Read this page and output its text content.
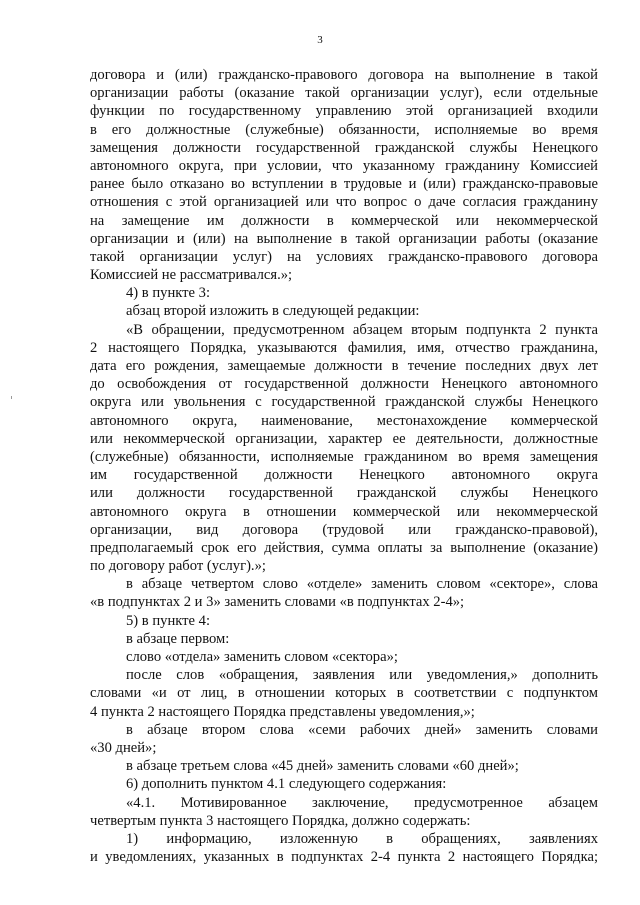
3
договора и (или) гражданско-правового договора на выполнение в такой
организации работы (оказание такой организации услуг), если отдельные
функции по государственному управлению этой организацией входили
в его должностные (служебные) обязанности, исполняемые во время
замещения должности государственной гражданской службы Ненецкого
автономного округа, при условии, что указанному гражданину Комиссией
ранее было отказано во вступлении в трудовые и (или) гражданско-правовые
отношения с этой организацией или что вопрос о даче согласия гражданину
на замещение им должности в коммерческой или некоммерческой
организации и (или) на выполнение в такой организации работы (оказание
такой организации услуг) на условиях гражданско-правового договора
Комиссией не рассматривался.»;
4) в пункте 3:
абзац второй изложить в следующей редакции:
«В обращении, предусмотренном абзацем вторым подпункта 2 пункта
2 настоящего Порядка, указываются фамилия, имя, отчество гражданина,
дата его рождения, замещаемые должности в течение последних двух лет
до освобождения от государственной должности Ненецкого автономного
округа или увольнения с государственной гражданской службы Ненецкого
автономного округа, наименование, местонахождение коммерческой
или некоммерческой организации, характер ее деятельности, должностные
(служебные) обязанности, исполняемые гражданином во время замещения
им государственной должности Ненецкого автономного округа
или должности государственной гражданской службы Ненецкого
автономного округа в отношении коммерческой или некоммерческой
организации, вид договора (трудовой или гражданско-правовой),
предполагаемый срок его действия, сумма оплаты за выполнение (оказание)
по договору работ (услуг).»;
в абзаце четвертом слово «отделе» заменить словом «секторе», слова
«в подпунктах 2 и 3» заменить словами «в подпунктах 2-4»;
5) в пункте 4:
в абзаце первом:
слово «отдела» заменить словом «сектора»;
после слов «обращения, заявления или уведомления,» дополнить
словами «и от лиц, в отношении которых в соответствии с подпунктом
4 пункта 2 настоящего Порядка представлены уведомления,»;
в абзаце втором слова «семи рабочих дней» заменить словами
«30 дней»;
в абзаце третьем слова «45 дней» заменить словами «60 дней»;
6) дополнить пунктом 4.1 следующего содержания:
«4.1. Мотивированное заключение, предусмотренное абзацем
четвертым пункта 3 настоящего Порядка, должно содержать:
1) информацию, изложенную в обращениях, заявлениях
и уведомлениях, указанных в подпунктах 2-4 пункта 2 настоящего Порядка;
